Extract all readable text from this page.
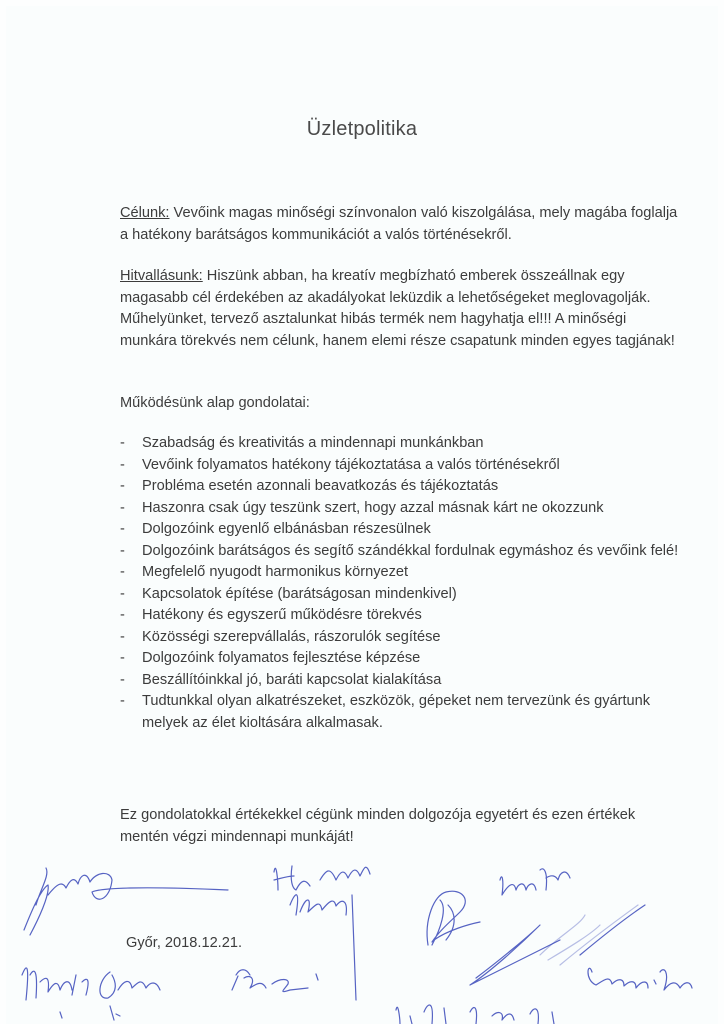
Üzletpolitika

Célunk: Vevőink magas minőségi színvonalon való kiszolgálása, mely magába foglalja a hatékony barátságos kommunikációt a valós történésekről.

Hitvallásunk: Hiszünk abban, ha kreatív megbízható emberek összeállnak egy magasabb cél érdekében az akadályokat leküzdik a lehetőségeket meglovagolják. Műhelyünket, tervező asztalunkat hibás termék nem hagyhatja el!!! A minőségi munkára törekvés nem célunk, hanem elemi része csapatunk minden egyes tagjának!

Működésünk alap gondolatai:
- Szabadság és kreativitás a mindennapi munkánkban
- Vevőink folyamatos hatékony tájékoztatása a valós történésekről
- Probléma esetén azonnali beavatkozás és tájékoztatás
- Haszonra csak úgy teszünk szert, hogy azzal másnak kárt ne okozzunk
- Dolgozóink egyenlő elbánásban részesülnek
- Dolgozóink barátságos és segítő szándékkal fordulnak egymáshoz és vevőink felé!
- Megfelelő nyugodt harmonikus környezet
- Kapcsolatok építése (barátságosan mindenkivel)
- Hatékony és egyszerű működésre törekvés
- Közösségi szerepvállalás, rászorulók segítése
- Dolgozóink folyamatos fejlesztése képzése
- Beszállítóinkkal jó, baráti kapcsolat kialakítása
- Tudtunkkal olyan alkatrészeket, eszközök, gépeket nem tervezünk és gyártunk melyek az élet kioltására alkalmasak.
Ez gondolatokkal értékekkel cégünk minden dolgozója egyetért és ezen értékek mentén végzi mindennapi munkáját!
Győr, 2018.12.21.
